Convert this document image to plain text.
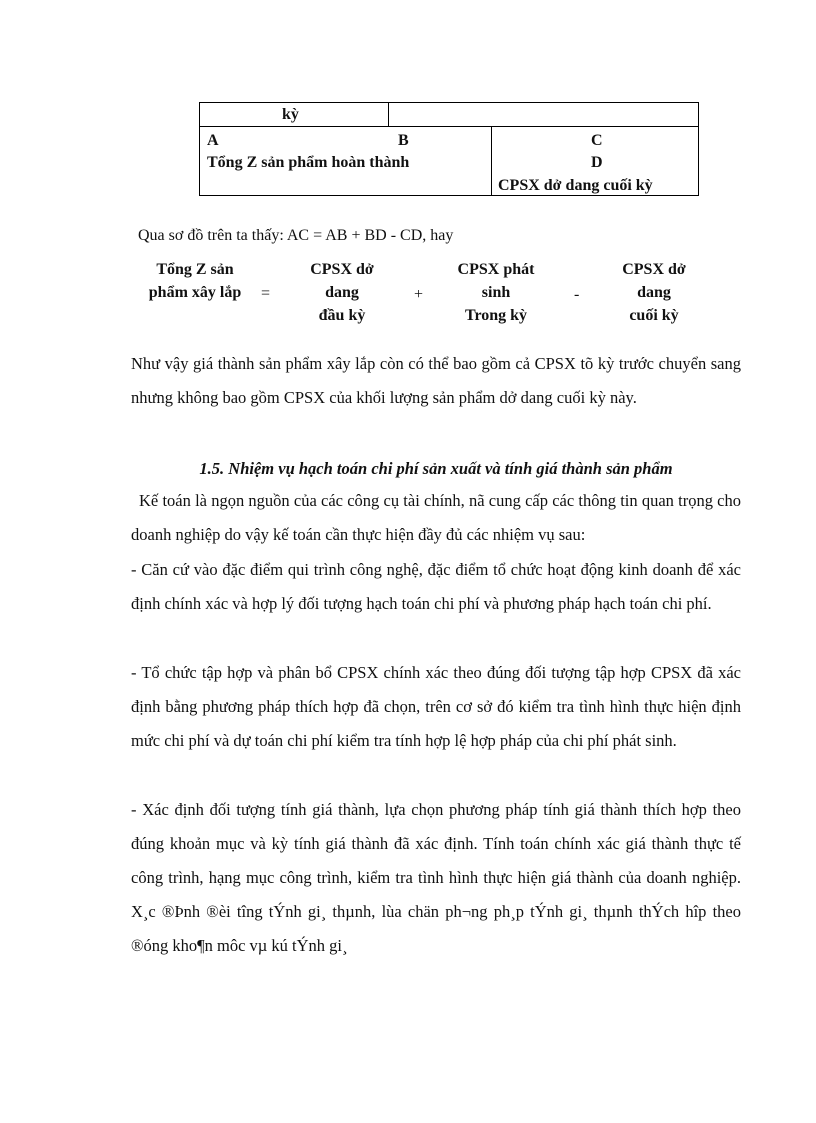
kỳ
A	B
Tổng Z sản phẩm hoàn thành
C
D
CPSX dở dang cuối kỳ
Qua sơ đồ trên ta thấy: AC = AB + BD - CD, hay
Tổng Z sản
phẩm xây lắp	=
CPSX dở
dang
đầu kỳ
+
CPSX phát
sinh
Trong kỳ
-
CPSX dở
dang
cuối kỳ
Như vậy giá thành sản phẩm xây lắp còn có thể bao gồm cả CPSX tõ kỳ trước chuyển sang nhưng không bao gồm CPSX của khối lượng sản phẩm dở dang cuối kỳ này.
1.5. Nhiệm vụ hạch toán chi phí sản xuất và tính giá thành sản phẩm
Kế toán là ngọn nguồn của các công cụ tài chính, nã cung cấp các thông tin quan trọng cho doanh nghiệp do vậy kế toán cần thực hiện đầy đủ các nhiệm vụ sau:
- Căn cứ vào đặc điểm qui trình công nghệ, đặc điểm tổ chức hoạt động kinh doanh để xác định chính xác và hợp lý đối tượng hạch toán chi phí và phương pháp hạch toán chi phí.
- Tổ chức tập hợp và phân bổ CPSX chính xác theo đúng đối tượng tập hợp CPSX đã xác định bằng phương pháp thích hợp đã chọn, trên cơ sở đó kiểm tra tình hình thực hiện định mức chi phí và dự toán chi phí kiểm tra tính hợp lệ hợp pháp của chi phí phát sinh.
- Xác định đối tượng tính giá thành, lựa chọn phương pháp tính giá thành thích hợp theo đúng khoản mục và kỳ tính giá thành đã xác định. Tính toán chính xác giá thành thực tế công trình, hạng mục công trình, kiểm tra tình hình thực hiện giá thành của doanh nghiệp. X¸c ®Þnh ®èi tîng tÝnh gi¸ thµnh, lùa chän ph¬ng ph¸p tÝnh gi¸ thµnh thÝch hîp theo ®óng kho¶n môc vµ kú tÝnh gi¸
